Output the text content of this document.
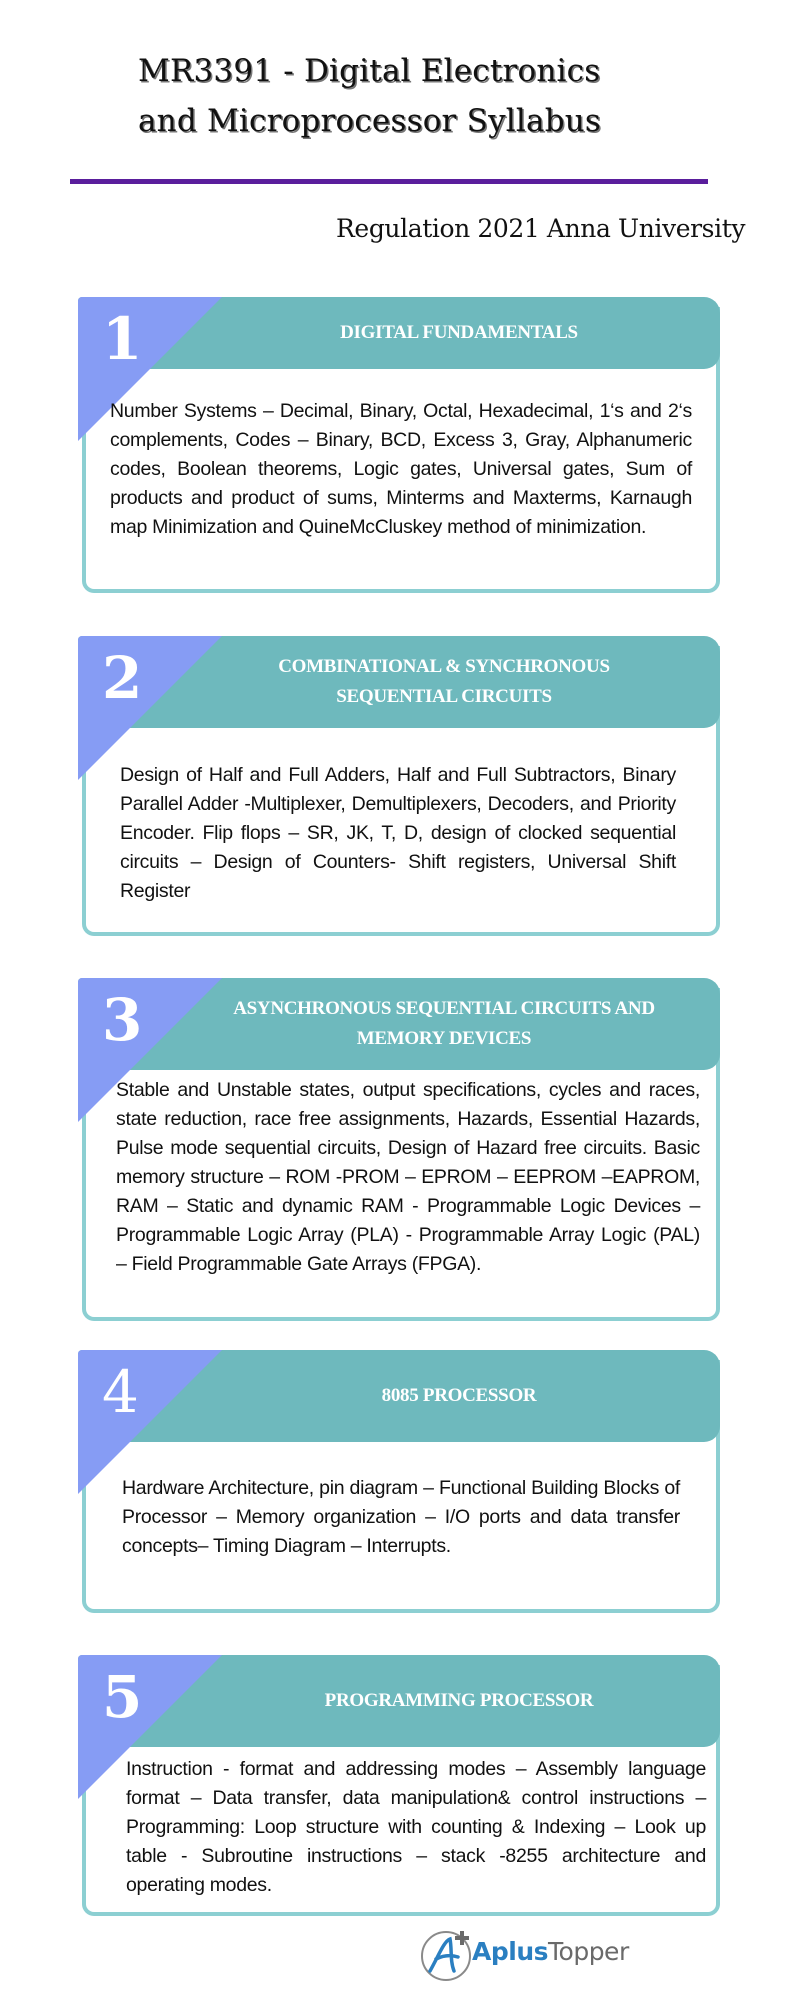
MR3391 - Digital Electronics
and Microprocessor Syllabus
Regulation 2021 Anna University
1	DIGITAL FUNDAMENTALS
Number Systems – Decimal, Binary, Octal, Hexadecimal, 1‘s and 2‘s complements, Codes – Binary, BCD, Excess 3, Gray, Alphanumeric codes, Boolean theorems, Logic gates, Universal gates, Sum of products and product of sums, Minterms and Maxterms, Karnaugh map Minimization and QuineMcCluskey method of minimization.
2	COMBINATIONAL & SYNCHRONOUS SEQUENTIAL CIRCUITS
Design of Half and Full Adders, Half and Full Subtractors, Binary Parallel Adder -Multiplexer, Demultiplexers, Decoders, and Priority Encoder. Flip flops – SR, JK, T, D, design of clocked sequential circuits – Design of Counters- Shift registers, Universal Shift Register
3	ASYNCHRONOUS SEQUENTIAL CIRCUITS AND MEMORY DEVICES
Stable and Unstable states, output specifications, cycles and races, state reduction, race free assignments, Hazards, Essential Hazards, Pulse mode sequential circuits, Design of Hazard free circuits. Basic memory structure – ROM -PROM – EPROM – EEPROM –EAPROM, RAM – Static and dynamic RAM - Programmable Logic Devices – Programmable Logic Array (PLA) - Programmable Array Logic (PAL) – Field Programmable Gate Arrays (FPGA).
4	8085 PROCESSOR
Hardware Architecture, pin diagram – Functional Building Blocks of Processor – Memory organization – I/O ports and data transfer concepts– Timing Diagram – Interrupts.
5	PROGRAMMING PROCESSOR
Instruction - format and addressing modes – Assembly language format – Data transfer, data manipulation& control instructions – Programming: Loop structure with counting & Indexing – Look up table - Subroutine instructions – stack -8255 architecture and operating modes.
AplusTopper
